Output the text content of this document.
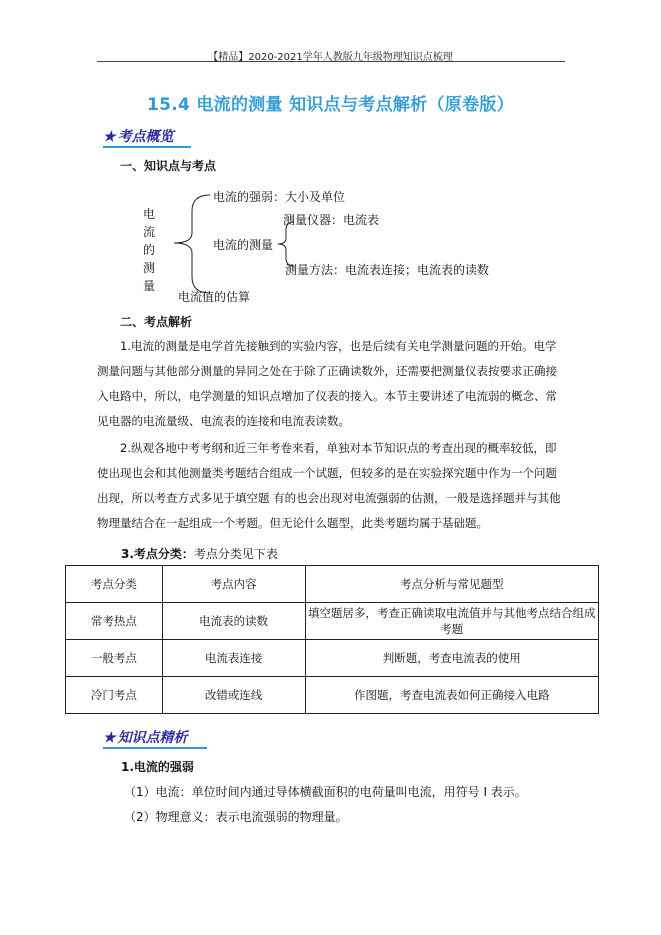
【精品】2020-2021学年人教版九年级物理知识点梳理
15.4 电流的测量 知识点与考点解析（原卷版）
★ 考点概览
一、知识点与考点
电
流
的
测
量
电流的强弱：大小及单位
电流的测量
测量仪器：电流表
测量方法：电流表连接；电流表的读数
电流值的估算
二、考点解析
1.电流的测量是电学首先接触到的实验内容，也是后续有关电学测量问题的开始。电学测量问题与其他部分测量的异同之处在于除了正确读数外，还需要把测量仪表按要求正确接入电路中，所以，电学测量的知识点增加了仪表的接入。本节主要讲述了电流弱的概念、常见电器的电流量级、电流表的连接和电流表读数。
2.纵观各地中考考纲和近三年考卷来看，单独对本节知识点的考查出现的概率较低，即使出现也会和其他测量类考题结合组成一个试题，但较多的是在实验探究题中作为一个问题出现，所以考查方式多见于填空题 有的也会出现对电流强弱的估测，一般是选择题并与其他物理量结合在一起组成一个考题。但无论什么题型，此类考题均属于基础题。
3.考点分类：考点分类见下表
考点分类	考点内容	考点分析与常见题型
常考热点	电流表的读数	填空题居多，考查正确读取电流值并与其他考点结合组成考题
一般考点	电流表连接	判断题，考查电流表的使用
冷门考点	改错或连线	作图题，考查电流表如何正确接入电路
★ 知识点精析
1.电流的强弱
（1）电流：单位时间内通过导体横截面积的电荷量叫电流，用符号 I 表示。
（2）物理意义：表示电流强弱的物理量。
